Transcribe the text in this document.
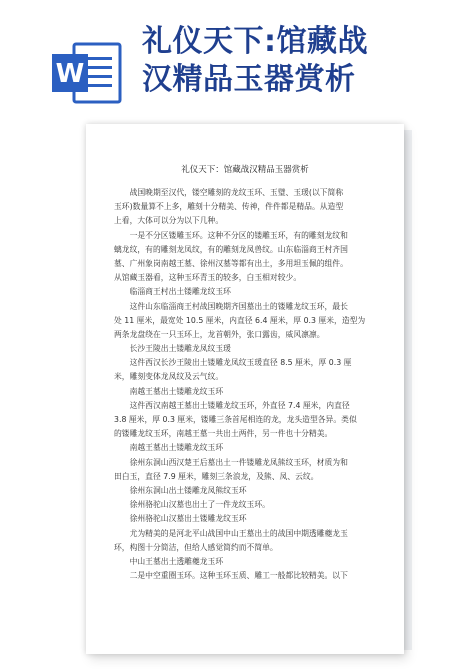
W
礼仪天下:馆藏战
汉精品玉器赏析
礼仪天下：馆藏战汉精品玉器赏析
　　战国晚期至汉代，镂空雕刻的龙纹玉环、玉璧、玉瑗(以下简称
玉环)数量算不上多，雕刻十分精美、传神，件件都是精品。从造型
上看，大体可以分为以下几种。
　　一是不分区镂雕玉环。这种不分区的镂雕玉环，有的雕刻龙纹和
螭龙纹，有的雕刻龙凤纹，有的雕刻龙凤兽纹。山东临淄商王村齐国
墓、广州象岗南越王墓、徐州汉墓等都有出土，多用坦玉佩的组件。
从馆藏玉器看，这种玉环青玉的较多，白玉相对较少。
　　临淄商王村出土镂雕龙纹玉环
　　这件山东临淄商王村战国晚期齐国墓出土的镂雕龙纹玉环，最长
处 11 厘米，最宽处 10.5 厘米，内直径 6.4 厘米，厚 0.3 厘米，造型为
两条龙盘绕在一只玉环上，龙首朝外，张口露齿，威风凛凛。
　　长沙王陵出土镂雕龙凤纹玉瑗
　　这件西汉长沙王陵出土镂雕龙凤纹玉瑗直径 8.5 厘米，厚 0.3 厘
米，雕刻变体龙凤纹及云气纹。
　　南越王墓出土镂雕龙纹玉环
　　这件西汉南越王墓出土镂雕龙纹玉环，外直径 7.4 厘米，内直径
3.8 厘米，厚 0.3 厘米，镂雕三条首尾相连的龙，龙头造型各异。类似
的镂雕龙纹玉环，南越王墓一共出土两件，另一件也十分精美。
　　南越王墓出土镂雕龙纹玉环
　　徐州东洞山西汉楚王后墓出土一件镂雕龙凤熊纹玉环，材质为和
田白玉，直径 7.9 厘米，雕刻三条浪龙，及熊、凤、云纹。
　　徐州东洞山出土镂雕龙凤熊纹玉环
　　徐州骆驼山汉墓也出土了一件龙纹玉环。
　　徐州骆驼山汉墓出土镂雕龙纹玉环
　　尤为精美的是河北平山战国中山王墓出土的战国中期透雕夔龙玉
环，构图十分简洁，但给人感觉简约而不简单。
　　中山王墓出土透雕夔龙玉环
　　二是中空重圈玉环。这种玉环玉质、雕工一般都比较精美。以下
